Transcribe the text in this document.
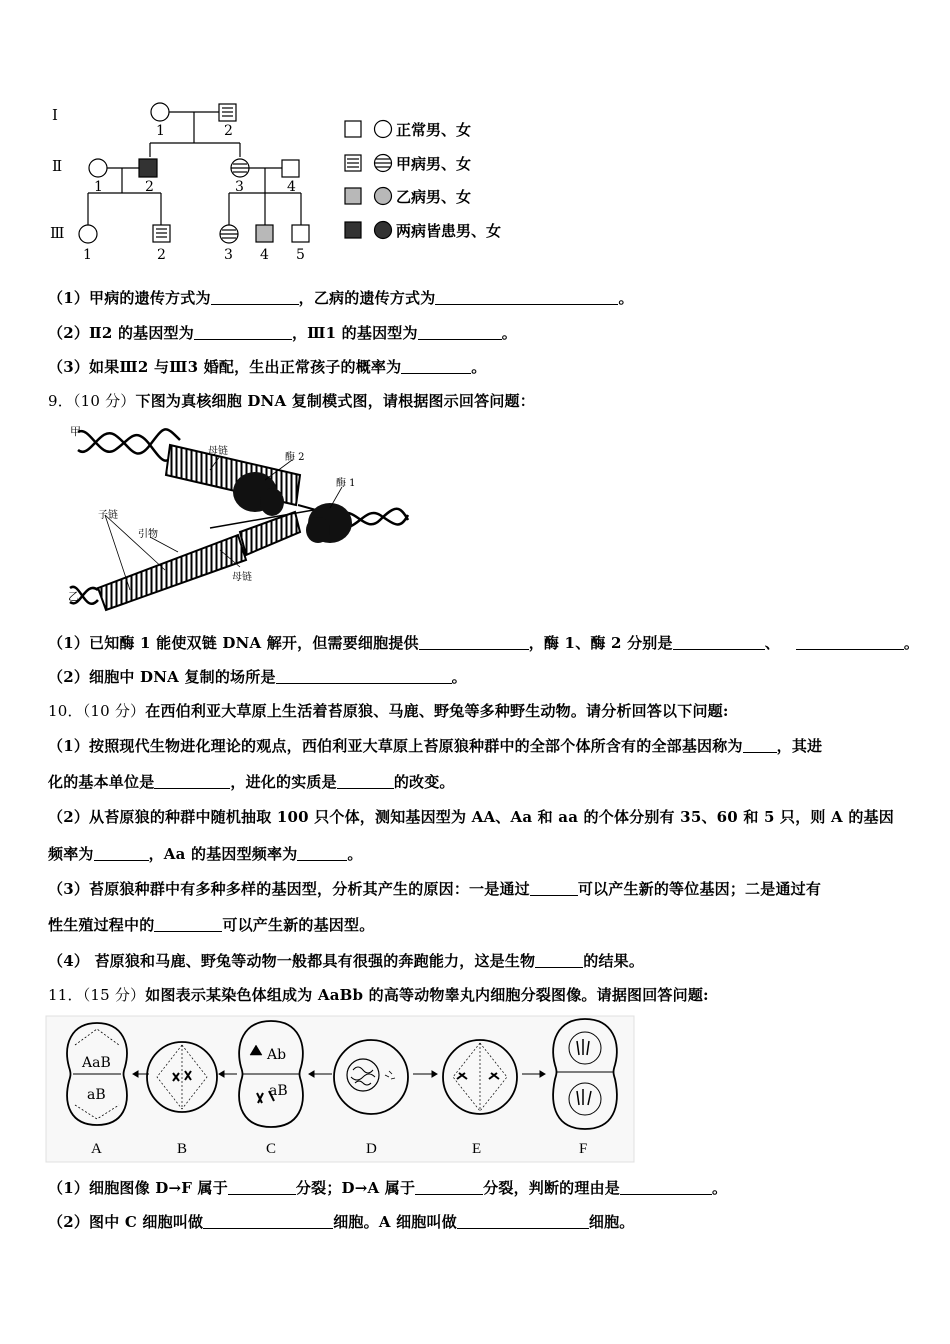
Ⅰ
Ⅱ
Ⅲ
1	2
1	2	3	4
1	2	3 4 5
正常男、女
甲病男、女
乙病男、女
两病皆患男、女
（1）甲病的遗传方式为	，乙病的遗传方式为	。
（2）Ⅱ2 的基因型为	，Ⅲ1 的基因型为	。
（3）如果Ⅲ2 与Ⅲ3 婚配，生出正常孩子的概率为	。
9．（10 分）下图为真核细胞 DNA 复制模式图，请根据图示回答问题：
甲
乙
母链
酶 2
酶 1
子链
引物
母链
（1）已知酶 1 能使双链 DNA 解开，但需要细胞提供	，酶 1、酶 2 分别是	、	。
（2）细胞中 DNA 复制的场所是	。
10．（10 分）在西伯利亚大草原上生活着苔原狼、马鹿、野兔等多种野生动物。请分析回答以下问题:
（1）按照现代生物进化理论的观点，西伯利亚大草原上苔原狼种群中的全部个体所含有的全部基因称为 ，其进
化的基本单位是	，进化的实质是	的改变。
（2）从苔原狼的种群中随机抽取 100 只个体，测知基因型为 AA、Aa 和 aa 的个体分别有 35、60 和 5 只，则 A 的基因
频率为	，Aa 的基因型频率为	。
（3）苔原狼种群中有多种多样的基因型，分析其产生的原因：一是通过	可以产生新的等位基因；二是通过有
性生殖过程中的	可以产生新的基因型。
（4） 苔原狼和马鹿、野兔等动物一般都具有很强的奔跑能力，这是生物	的结果。
11．（15 分）如图表示某染色体组成为 AaBb 的高等动物睾丸内细胞分裂图像。请据图回答问题:
AaB
aB
Ab
aB
A	B	C	D	E	F
（1）细胞图像 D→F 属于	分裂；D→A 属于	分裂，判断的理由是	。
（2）图中 C 细胞叫做	细胞。A 细胞叫做	细胞。
